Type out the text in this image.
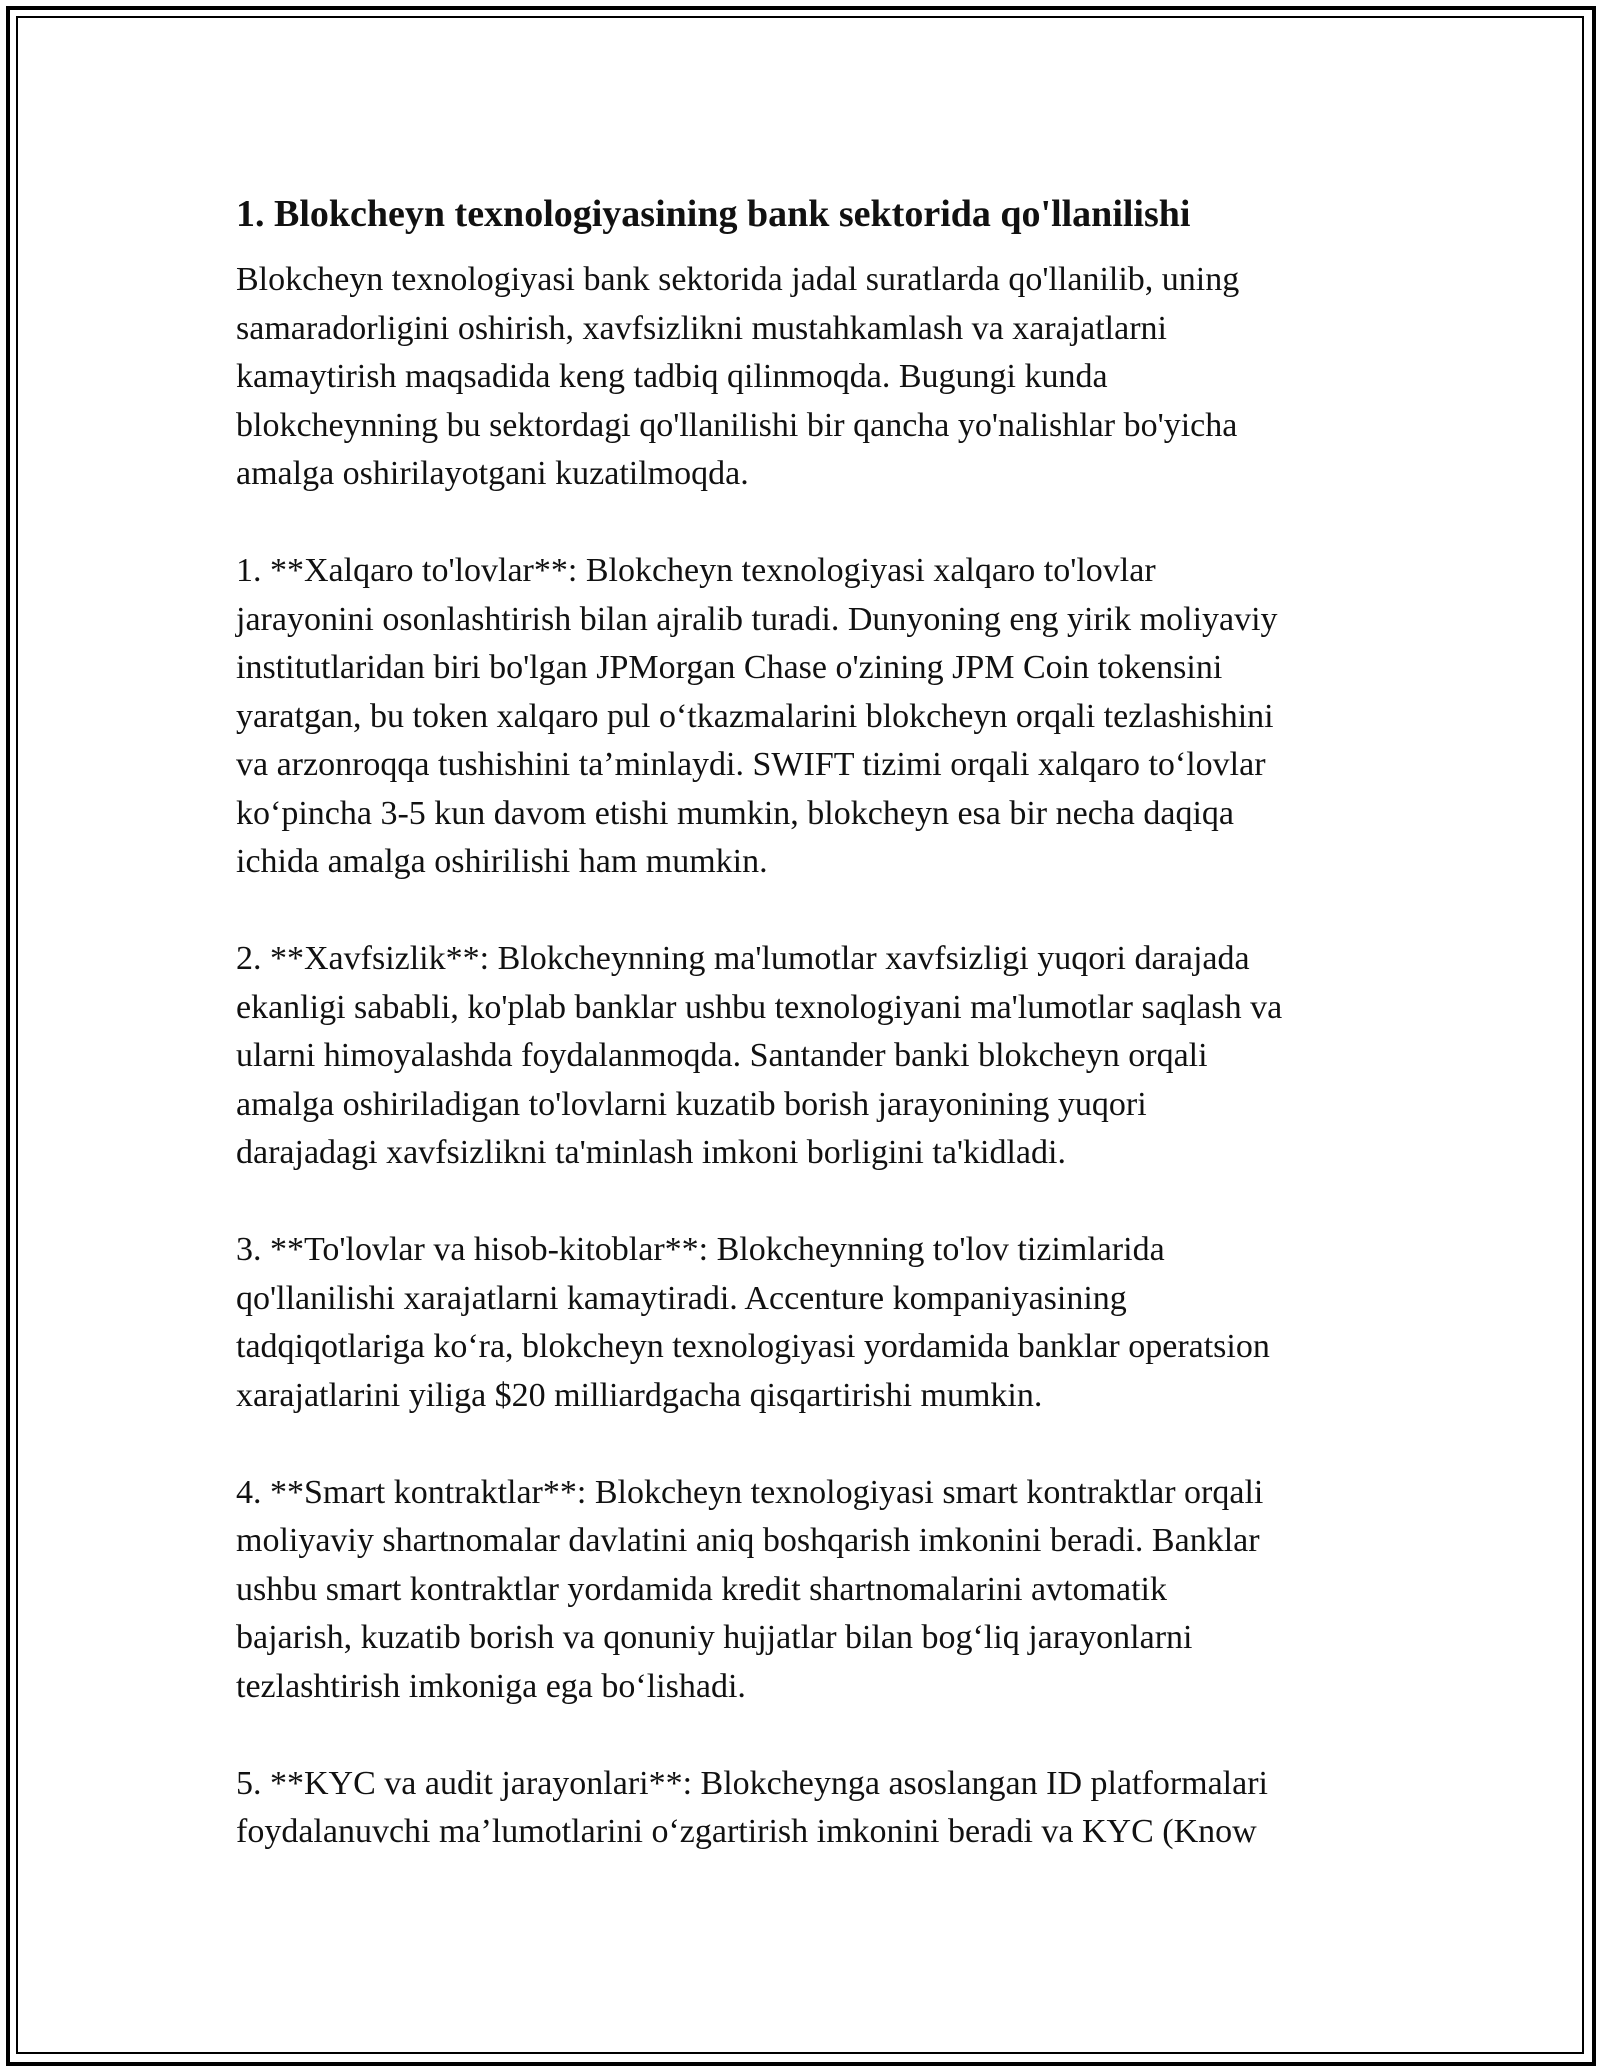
1. Blokcheyn texnologiyasining bank sektorida qo'llanilishi
Blokcheyn texnologiyasi bank sektorida jadal suratlarda qo'llanilib, uning
samaradorligini oshirish, xavfsizlikni mustahkamlash va xarajatlarni
kamaytirish maqsadida keng tadbiq qilinmoqda. Bugungi kunda
blokcheynning bu sektordagi qo'llanilishi bir qancha yo'nalishlar bo'yicha
amalga oshirilayotgani kuzatilmoqda.
1. **Xalqaro to'lovlar**: Blokcheyn texnologiyasi xalqaro to'lovlar
jarayonini osonlashtirish bilan ajralib turadi. Dunyoning eng yirik moliyaviy
institutlaridan biri bo'lgan JPMorgan Chase o'zining JPM Coin tokensini
yaratgan, bu token xalqaro pul o‘tkazmalarini blokcheyn orqali tezlashishini
va arzonroqqa tushishini ta’minlaydi. SWIFT tizimi orqali xalqaro to‘lovlar
ko‘pincha 3-5 kun davom etishi mumkin, blokcheyn esa bir necha daqiqa
ichida amalga oshirilishi ham mumkin.
2. **Xavfsizlik**: Blokcheynning ma'lumotlar xavfsizligi yuqori darajada
ekanligi sababli, ko'plab banklar ushbu texnologiyani ma'lumotlar saqlash va
ularni himoyalashda foydalanmoqda. Santander banki blokcheyn orqali
amalga oshiriladigan to'lovlarni kuzatib borish jarayonining yuqori
darajadagi xavfsizlikni ta'minlash imkoni borligini ta'kidladi.
3. **To'lovlar va hisob-kitoblar**: Blokcheynning to'lov tizimlarida
qo'llanilishi xarajatlarni kamaytiradi. Accenture kompaniyasining
tadqiqotlariga ko‘ra, blokcheyn texnologiyasi yordamida banklar operatsion
xarajatlarini yiliga $20 milliardgacha qisqartirishi mumkin.
4. **Smart kontraktlar**: Blokcheyn texnologiyasi smart kontraktlar orqali
moliyaviy shartnomalar davlatini aniq boshqarish imkonini beradi. Banklar
ushbu smart kontraktlar yordamida kredit shartnomalarini avtomatik
bajarish, kuzatib borish va qonuniy hujjatlar bilan bog‘liq jarayonlarni
tezlashtirish imkoniga ega bo‘lishadi.
5. **KYC va audit jarayonlari**: Blokcheynga asoslangan ID platformalari
foydalanuvchi ma’lumotlarini o‘zgartirish imkonini beradi va KYC (Know
